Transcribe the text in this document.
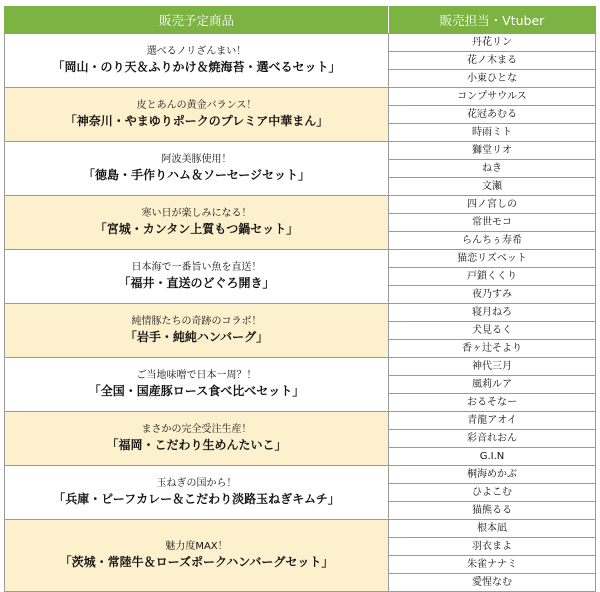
販売予定商品	販売担当・Vtuber

選べるノリざんまい！
「岡山・のり天＆ふりかけ＆焼海苔・選べるセット」	丹花リン
	花ノ木まる
	小東ひとな

皮とあんの黄金バランス！
「神奈川・やまゆりポークのプレミア中華まん」	コンプサウルス
	花冠あむる
	時雨ミト

阿波美豚使用！
「徳島・手作りハム＆ソーセージセット」	獅堂リオ
	ねき
	文瀬

寒い日が楽しみになる！
「宮城・カンタン上質もつ鍋セット」	四ノ宮しの
	常世モコ
	らんちぅ寿希

日本海で一番旨い魚を直送！
「福井・直送のどぐろ開き」	猫恋リズベット
	戸鎖くくり
	夜乃すみ

純情豚たちの奇跡のコラボ！
「岩手・純純ハンバーグ」	寝月ねろ
	犬見るく
	香ヶ辻そより

ご当地味噌で日本一周？！
「全国・国産豚ロース食べ比べセット」	神代三月
	風莉ルア
	おるそなー

まさかの完全受注生産！
「福岡・こだわり生めんたいこ」	青龍アオイ
	彩音れおん
	G.I.N

玉ねぎの国から！
「兵庫・ビーフカレー＆こだわり淡路玉ねぎキムチ」	桐海めかぶ
	ひよこむ
	猫熊るる

魅力度MAX！
「茨城・常陸牛＆ローズポークハンバーグセット」	根本凪
	羽衣まよ
	朱雀ナナミ
	愛惺なむ
